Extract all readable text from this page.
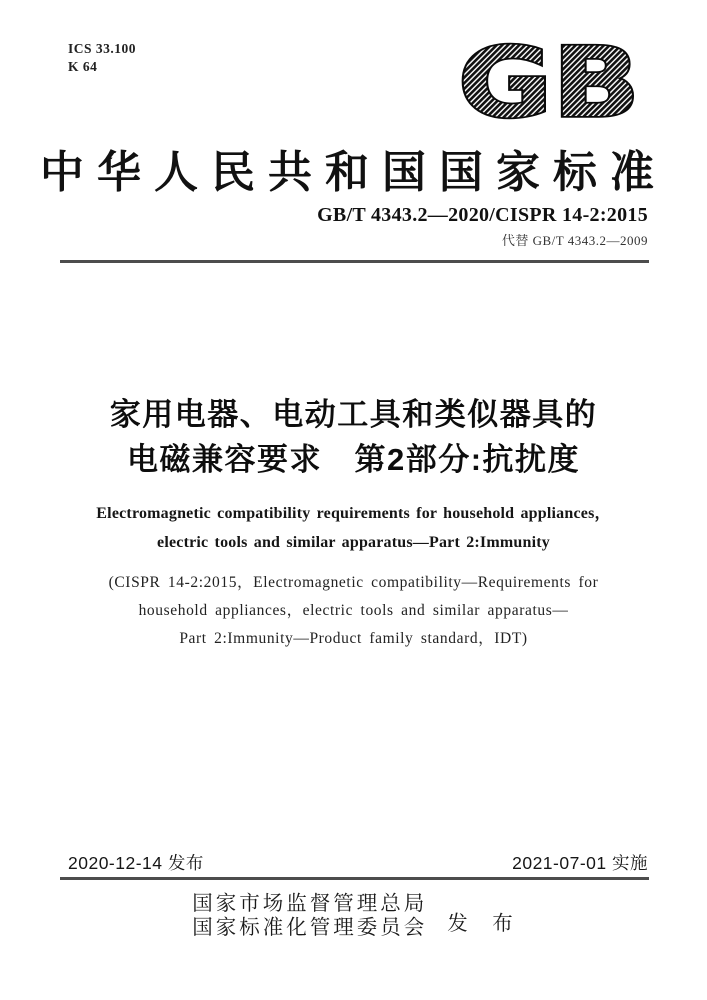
ICS 33.100
K 64	GB
中华人民共和国国家标准
GB/T 4343.2—2020/CISPR 14-2:2015
代替 GB/T 4343.2—2009
家用电器、电动工具和类似器具的
电磁兼容要求　第2部分:抗扰度
Electromagnetic compatibility requirements for household appliances，
electric tools and similar apparatus—Part 2:Immunity
(CISPR 14-2:2015，Electromagnetic compatibility—Requirements for
household appliances，electric tools and similar apparatus—
Part 2:Immunity—Product family standard，IDT)
2020-12-14 发布	2021-07-01 实施
国家市场监督管理总局
国家标准化管理委员会 发　布
